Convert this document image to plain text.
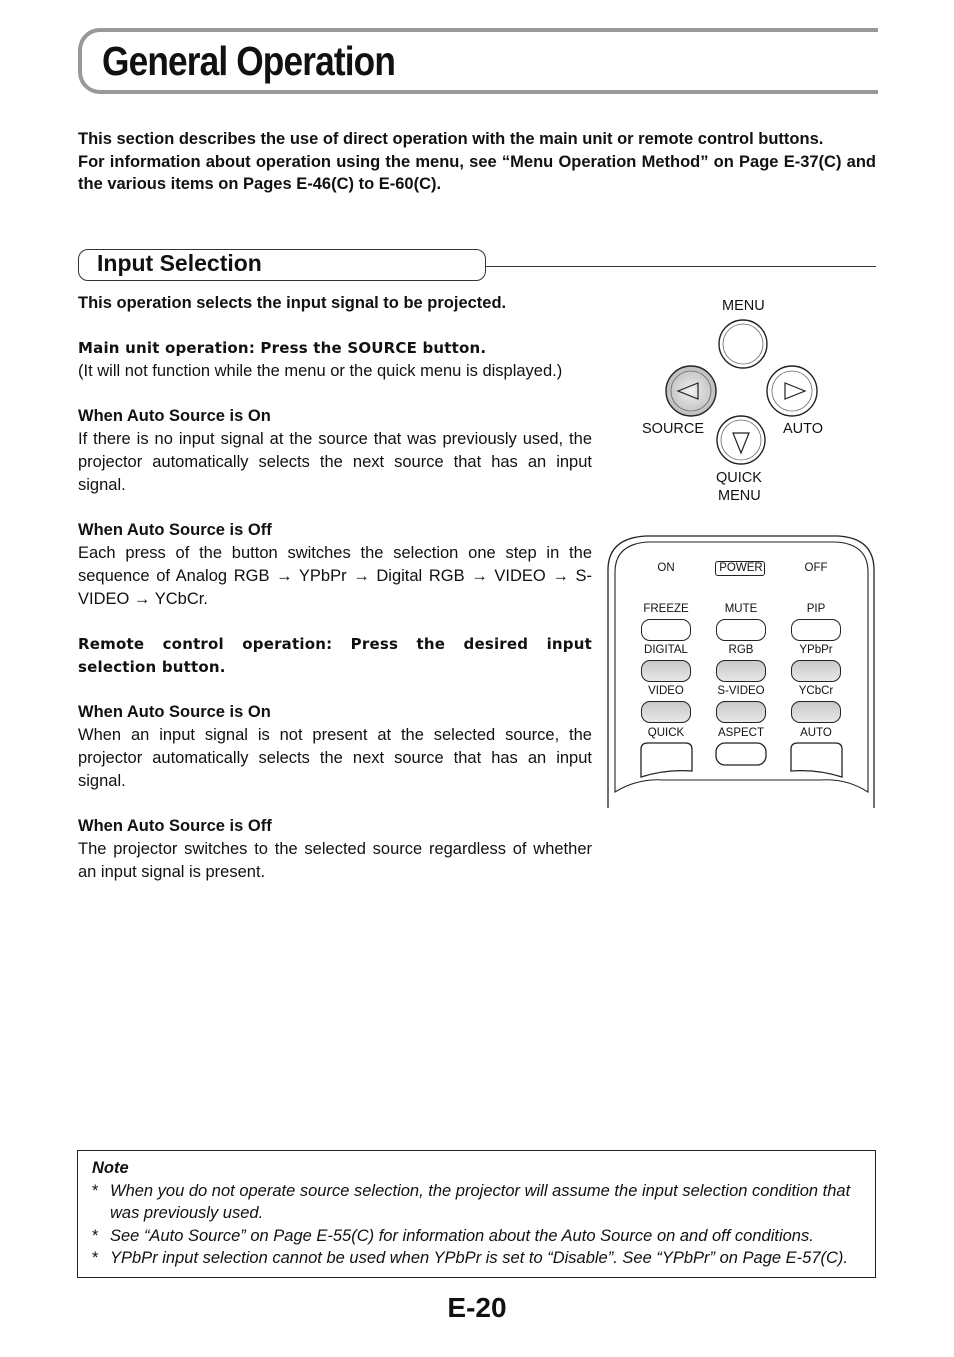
General Operation

This section describes the use of direct operation with the main unit or remote control buttons.

For information about operation using the menu, see “Menu Operation Method” on Page E-37(C) and the various items on Pages E-46(C) to E-60(C).

Input Selection

This operation selects the input signal to be projected.

Main unit operation: Press the SOURCE button.

(It will not function while the menu or the quick menu is displayed.)

When Auto Source is On

If there is no input signal at the source that was previously used, the projector automatically selects the next source that has an input signal.

When Auto Source is Off

Each press of the button switches the selection one step in the sequence of Analog RGB → YPbPr → Digital RGB → VIDEO → S-VIDEO → YCbCr.

Remote control operation: Press the desired input selection button.

When Auto Source is On

When an input signal is not present at the selected source, the projector automatically selects the next source that has an input signal.

When Auto Source is Off

The projector switches to the selected source regardless of whether an input signal is present.

MENU
SOURCE	AUTO
QUICK
MENU
ON	POWER	OFF
FREEZE	MUTE	PIP
DIGITAL	RGB	YPbPr
VIDEO	S-VIDEO	YCbCr
QUICK	ASPECT	AUTO
Note
* When you do not operate source selection, the projector will assume the input selection condition that was previously used.
* See “Auto Source” on Page E-55(C) for information about the Auto Source on and off conditions.
* YPbPr input selection cannot be used when YPbPr is set to “Disable”. See “YPbPr” on Page E-57(C).
E-20
